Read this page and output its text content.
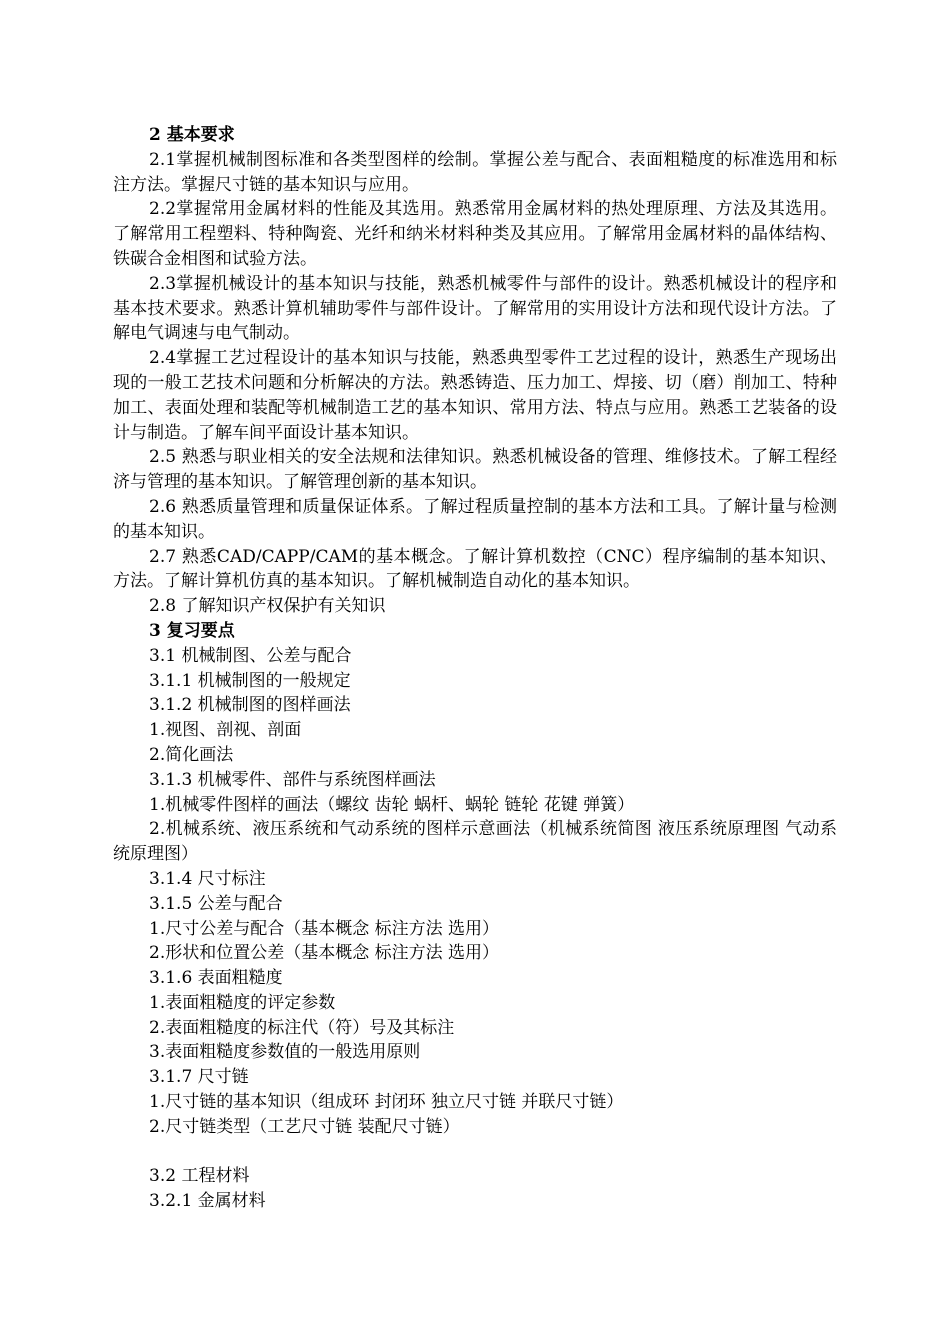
2 基本要求
2.1掌握机械制图标准和各类型图样的绘制。掌握公差与配合、表面粗糙度的标准选用和标注方法。掌握尺寸链的基本知识与应用。
2.2掌握常用金属材料的性能及其选用。熟悉常用金属材料的热处理原理、方法及其选用。了解常用工程塑料、特种陶瓷、光纤和纳米材料种类及其应用。了解常用金属材料的晶体结构、铁碳合金相图和试验方法。
2.3掌握机械设计的基本知识与技能，熟悉机械零件与部件的设计。熟悉机械设计的程序和基本技术要求。熟悉计算机辅助零件与部件设计。了解常用的实用设计方法和现代设计方法。了解电气调速与电气制动。
2.4掌握工艺过程设计的基本知识与技能，熟悉典型零件工艺过程的设计，熟悉生产现场出现的一般工艺技术问题和分析解决的方法。熟悉铸造、压力加工、焊接、切（磨）削加工、特种加工、表面处理和装配等机械制造工艺的基本知识、常用方法、特点与应用。熟悉工艺装备的设计与制造。了解车间平面设计基本知识。
2.5 熟悉与职业相关的安全法规和法律知识。熟悉机械设备的管理、维修技术。了解工程经济与管理的基本知识。了解管理创新的基本知识。
2.6 熟悉质量管理和质量保证体系。了解过程质量控制的基本方法和工具。了解计量与检测的基本知识。
2.7 熟悉CAD/CAPP/CAM的基本概念。了解计算机数控（CNC）程序编制的基本知识、方法。了解计算机仿真的基本知识。了解机械制造自动化的基本知识。
2.8 了解知识产权保护有关知识
3 复习要点
3.1 机械制图、公差与配合
3.1.1 机械制图的一般规定
3.1.2 机械制图的图样画法
1.视图、剖视、剖面
2.简化画法
3.1.3 机械零件、部件与系统图样画法
1.机械零件图样的画法（螺纹 齿轮 蜗杆、蜗轮 链轮 花键 弹簧）
2.机械系统、液压系统和气动系统的图样示意画法（机械系统简图 液压系统原理图 气动系统原理图）
3.1.4 尺寸标注
3.1.5 公差与配合
1.尺寸公差与配合（基本概念 标注方法 选用）
2.形状和位置公差（基本概念 标注方法 选用）
3.1.6 表面粗糙度
1.表面粗糙度的评定参数
2.表面粗糙度的标注代（符）号及其标注
3.表面粗糙度参数值的一般选用原则
3.1.7 尺寸链
1.尺寸链的基本知识（组成环 封闭环 独立尺寸链 并联尺寸链）
2.尺寸链类型（工艺尺寸链 装配尺寸链）
3.2 工程材料
3.2.1 金属材料
